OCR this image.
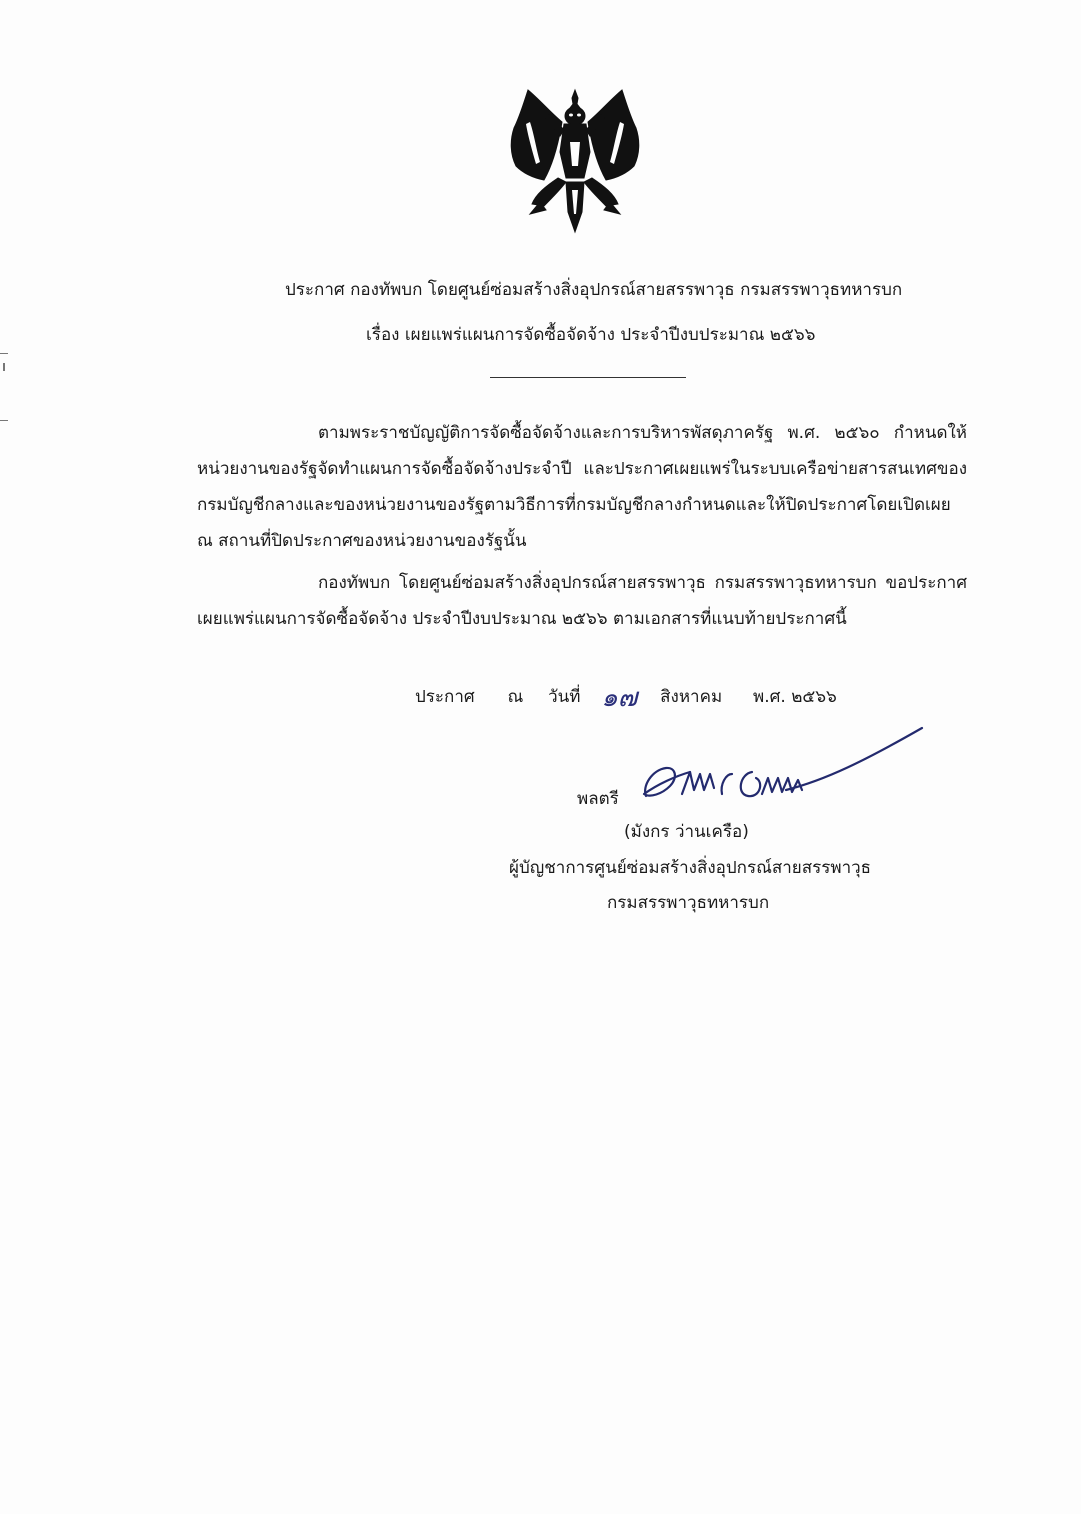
ประกาศ กองทัพบก โดยศูนย์ซ่อมสร้างสิ่งอุปกรณ์สายสรรพาวุธ กรมสรรพาวุธทหารบก
เรื่อง เผยแพร่แผนการจัดซื้อจัดจ้าง ประจำปีงบประมาณ ๒๕๖๖
ตามพระราชบัญญัติการจัดซื้อจัดจ้างและการบริหารพัสดุภาครัฐ พ.ศ. ๒๕๖๐ กำหนดให้
หน่วยงานของรัฐจัดทำแผนการจัดซื้อจัดจ้างประจำปี และประกาศเผยแพร่ในระบบเครือข่ายสารสนเทศของ
กรมบัญชีกลางและของหน่วยงานของรัฐตามวิธีการที่กรมบัญชีกลางกำหนดและให้ปิดประกาศโดยเปิดเผย
ณ สถานที่ปิดประกาศของหน่วยงานของรัฐนั้น
กองทัพบก โดยศูนย์ซ่อมสร้างสิ่งอุปกรณ์สายสรรพาวุธ กรมสรรพาวุธทหารบก ขอประกาศ
เผยแพร่แผนการจัดซื้อจัดจ้าง ประจำปีงบประมาณ ๒๕๖๖ ตามเอกสารที่แนบท้ายประกาศนี้
ประกาศ ณ วันที่ ๑๗ สิงหาคม พ.ศ. ๒๕๖๖
พลตรี
(มังกร ว่านเครือ)
ผู้บัญชาการศูนย์ซ่อมสร้างสิ่งอุปกรณ์สายสรรพาวุธ
กรมสรรพาวุธทหารบก
